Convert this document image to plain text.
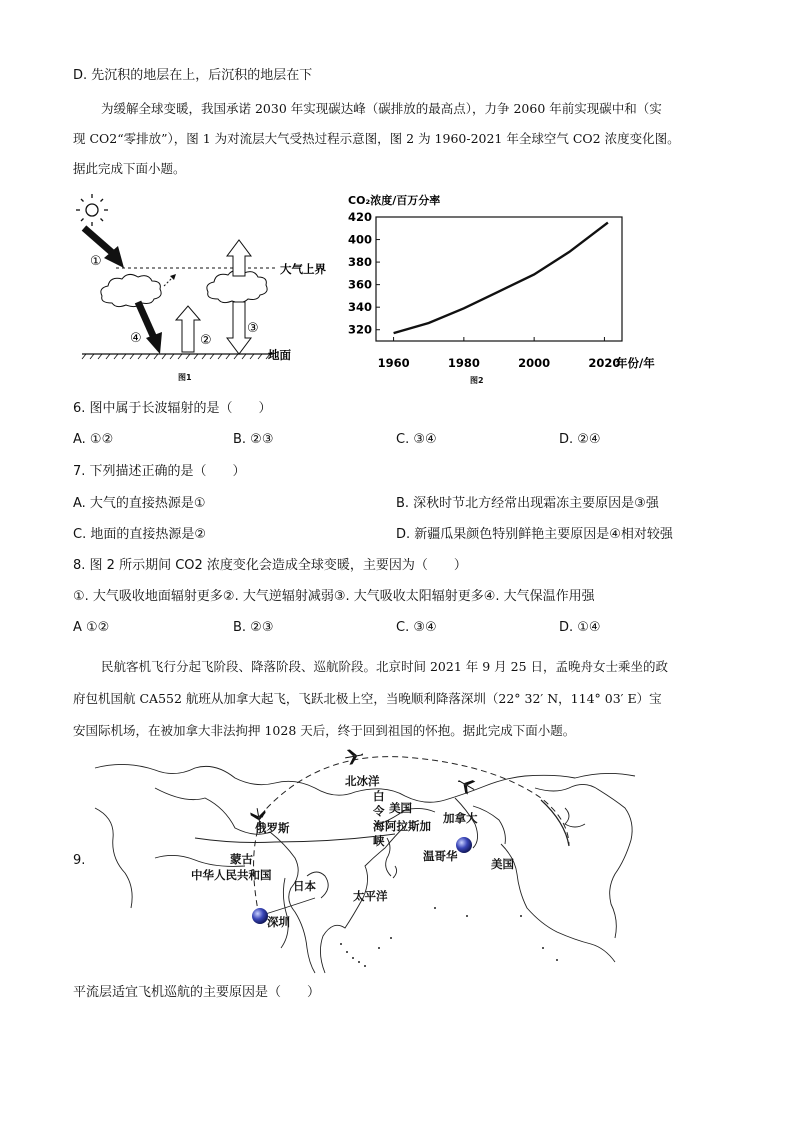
D. 先沉积的地层在上，后沉积的地层在下
为缓解全球变暖，我国承诺 2030 年实现碳达峰（碳排放的最高点），力争 2060 年前实现碳中和（实
现 CO2“零排放”），图 1 为对流层大气受热过程示意图，图 2 为 1960-2021 年全球空气 CO2 浓度变化图。
据此完成下面小题。
①
②
③
④
大气上界
地面
图1
CO₂浓度/百万分率
320
340
360
380
400
420
1960	1980	2000	2020
年份/年
图2
6. 图中属于长波辐射的是（　　）
A. ①②	B. ②③	C. ③④	D. ②④
7. 下列描述正确的是（　　）
A. 大气的直接热源是①	B. 深秋时节北方经常出现霜冻主要原因是③强
C. 地面的直接热源是②	D. 新疆瓜果颜色特别鲜艳主要原因是④相对较强
8. 图 2 所示期间 CO2 浓度变化会造成全球变暖，主要因为（　　）
①. 大气吸收地面辐射更多②. 大气逆辐射减弱③. 大气吸收太阳辐射更多④. 大气保温作用强
A ①②	B. ②③	C. ③④	D. ①④
民航客机飞行分起飞阶段、降落阶段、巡航阶段。北京时间 2021 年 9 月 25 日，孟晚舟女士乘坐的政
府包机国航 CA552 航班从加拿大起飞，飞跃北极上空，当晚顺利降落深圳（22° 32′ N，114° 03′ E）宝
安国际机场，在被加拿大非法拘押 1028 天后，终于回到祖国的怀抱。据此完成下面小题。
北冰洋
白
令
海
峡
美国
阿拉斯加
加拿大
俄罗斯
蒙古
中华人民共和国
日本
太平洋
温哥华
美国
深圳
9.
平流层适宜飞机巡航的主要原因是（　　）
